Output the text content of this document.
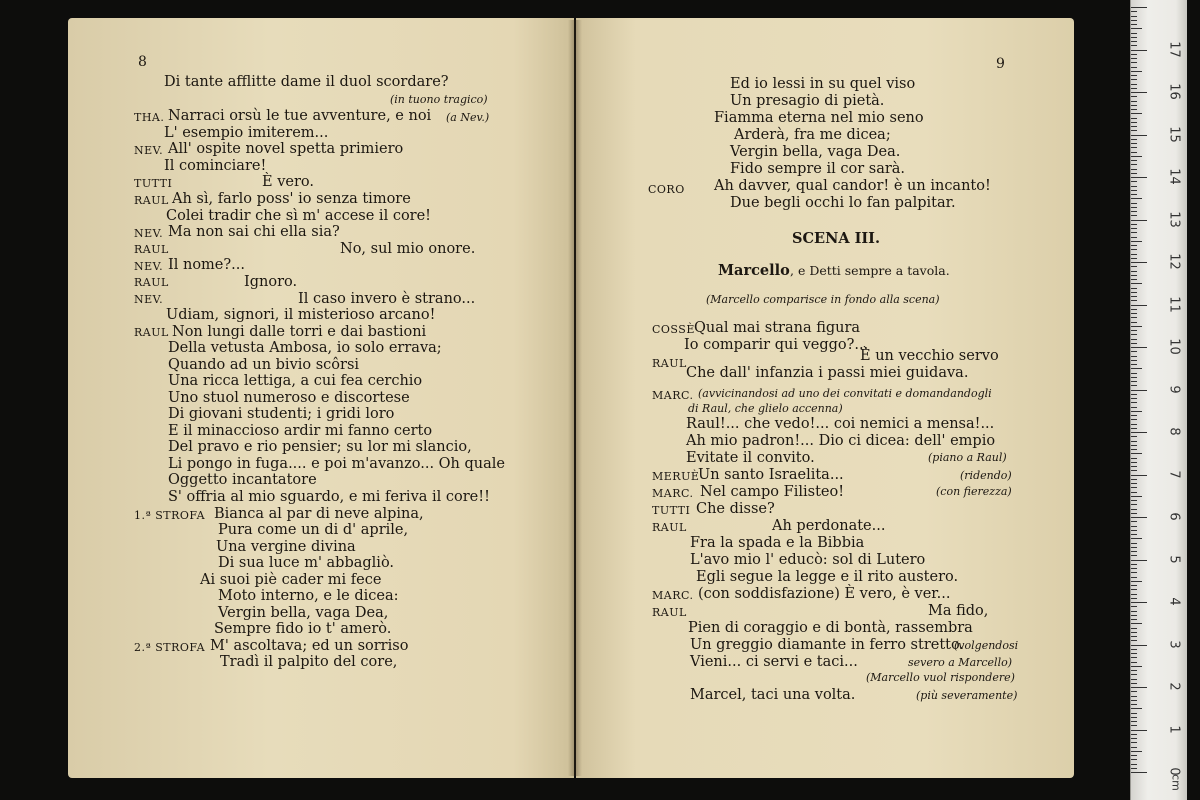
8
Di tante afflitte dame il duol scordare?
(in tuono tragico)
THA. Narraci orsù le tue avventure, e noi (a Nev.)
L' esempio imiterem...
NEV. All' ospite novel spetta primiero
Il cominciare!
TUTTI	È vero.
RAUL Ah sì, farlo poss' io senza timore
Colei tradir che sì m' accese il core!
NEV. Ma non sai chi ella sia?
RAUL	No, sul mio onore.
NEV. Il nome?...
RAUL	Ignoro.
NEV.	Il caso invero è strano...
Udiam, signori, il misterioso arcano!
RAUL Non lungi dalle torri e dai bastioni
Della vetusta Ambosa, io solo errava;
Quando ad un bivio scôrsi
Una ricca lettiga, a cui fea cerchio
Uno stuol numeroso e discortese
Di giovani studenti; i gridi loro
E il minaccioso ardir mi fanno certo
Del pravo e rio pensier; su lor mi slancio,
Li pongo in fuga.... e poi m'avanzo... Oh quale
Oggetto incantatore
S' offria al mio sguardo, e mi feriva il core!!
1.ª STROFA Bianca al par di neve alpina,
Pura come un di d' aprile,
Una vergine divina
Di sua luce m' abbagliò.
Ai suoi piè cader mi fece
Moto interno, e le dicea:
Vergin bella, vaga Dea,
Sempre fido io t' amerò.
2.ª STROFA M' ascoltava; ed un sorriso
Tradì il palpito del core,
9
Ed io lessi in su quel viso
Un presagio di pietà.
Fiamma eterna nel mio seno
Arderà, fra me dicea;
Vergin bella, vaga Dea.
Fido sempre il cor sarà.
CORO Ah davver, qual candor! è un incanto!
Due begli occhi lo fan palpitar.
SCENA III.
Marcello , e Detti sempre a tavola.
(Marcello comparisce in fondo alla scena)
COSSÈ Qual mai strana figura
Io comparir qui veggo?...
RAUL	È un vecchio servo
Che dall' infanzia i passi miei guidava.
MARC. (avvicinandosi ad uno dei convitati e domandandogli
di Raul, che glielo accenna)
Raul!... che vedo!... coi nemici a mensa!...
Ah mio padron!... Dio ci dicea: dell' empio
Evitate il convito.	(piano a Raul)
MERUÈ
Un santo Israelita...	(ridendo)
MARC. Nel campo Filisteo!	(con fierezza)
TUTTI Che disse?
RAUL	Ah perdonate...
Fra la spada e la Bibbia
L'avo mio l' educò: sol di Lutero
Egli segue la legge e il rito austero.
MARC. (con soddisfazione) È vero, è ver...
RAUL	Ma fido,
Pien di coraggio e di bontà, rassembra
Un greggio diamante in ferro stretto.
(volgendosi
Vieni... ci servi e taci...	severo a Marcello)
(Marcello vuol rispondere)
Marcel, taci una volta.	(più severamente)
0
1
2
3
4
5
6
7
8
9
10
11
12
13
14
15
16
17
cm
